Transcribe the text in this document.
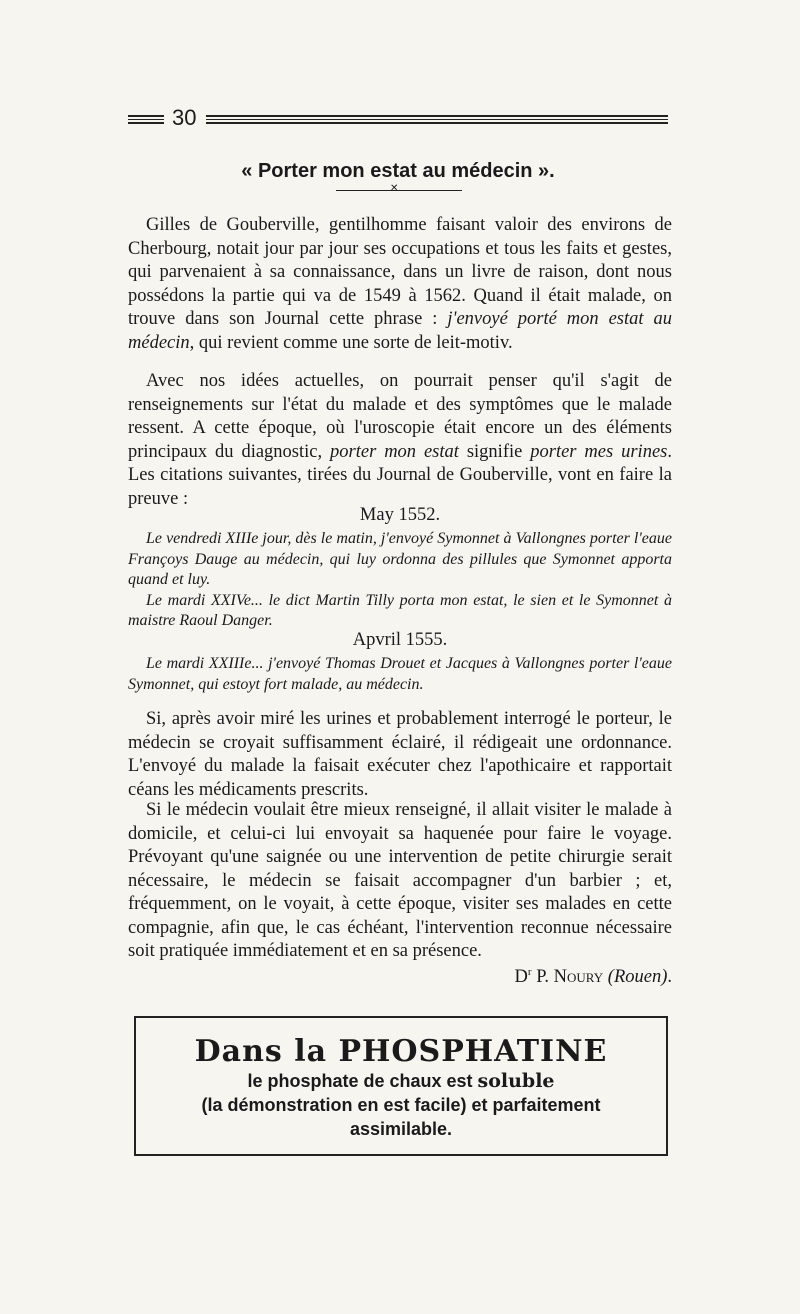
30
« Porter mon estat au médecin ».
✕

Gilles de Gouberville, gentilhomme faisant valoir des environs de Cherbourg, notait jour par jour ses occupations et tous les faits et gestes, qui parvenaient à sa connaissance, dans un livre de raison, dont nous possédons la partie qui va de 1549 à 1562. Quand il était malade, on trouve dans son Journal cette phrase : j'envoyé porté mon estat au médecin, qui revient comme une sorte de leit-motiv.

Avec nos idées actuelles, on pourrait penser qu'il s'agit de renseignements sur l'état du malade et des symptômes que le malade ressent. A cette époque, où l'uroscopie était encore un des éléments principaux du diagnostic, porter mon estat signifie porter mes urines. Les citations suivantes, tirées du Journal de Gouberville, vont en faire la preuve :

May 1552.

Le vendredi XIIIe jour, dès le matin, j'envoyé Symonnet à Vallongnes porter l'eaue Françoys Dauge au médecin, qui luy ordonna des pillules que Symonnet apporta quand et luy.

Le mardi XXIVe... le dict Martin Tilly porta mon estat, le sien et le Symonnet à maistre Raoul Danger.

Apvril 1555.

Le mardi XXIIIe... j'envoyé Thomas Drouet et Jacques à Vallongnes porter l'eaue Symonnet, qui estoyt fort malade, au médecin.

Si, après avoir miré les urines et probablement interrogé le porteur, le médecin se croyait suffisamment éclairé, il rédigeait une ordonnance. L'envoyé du malade la faisait exécuter chez l'apothicaire et rapportait céans les médicaments prescrits.

Si le médecin voulait être mieux renseigné, il allait visiter le malade à domicile, et celui-ci lui envoyait sa haquenée pour faire le voyage. Prévoyant qu'une saignée ou une intervention de petite chirurgie serait nécessaire, le médecin se faisait accompagner d'un barbier ; et, fréquemment, on le voyait, à cette époque, visiter ses malades en cette compagnie, afin que, le cas échéant, l'intervention reconnue nécessaire soit pratiquée immédiatement et en sa présence.

$D^r$ P. Noury (Rouen).
Dans la PHOSPHATINE
le phosphate de chaux est soluble
(la démonstration en est facile) et parfaitement
assimilable.
